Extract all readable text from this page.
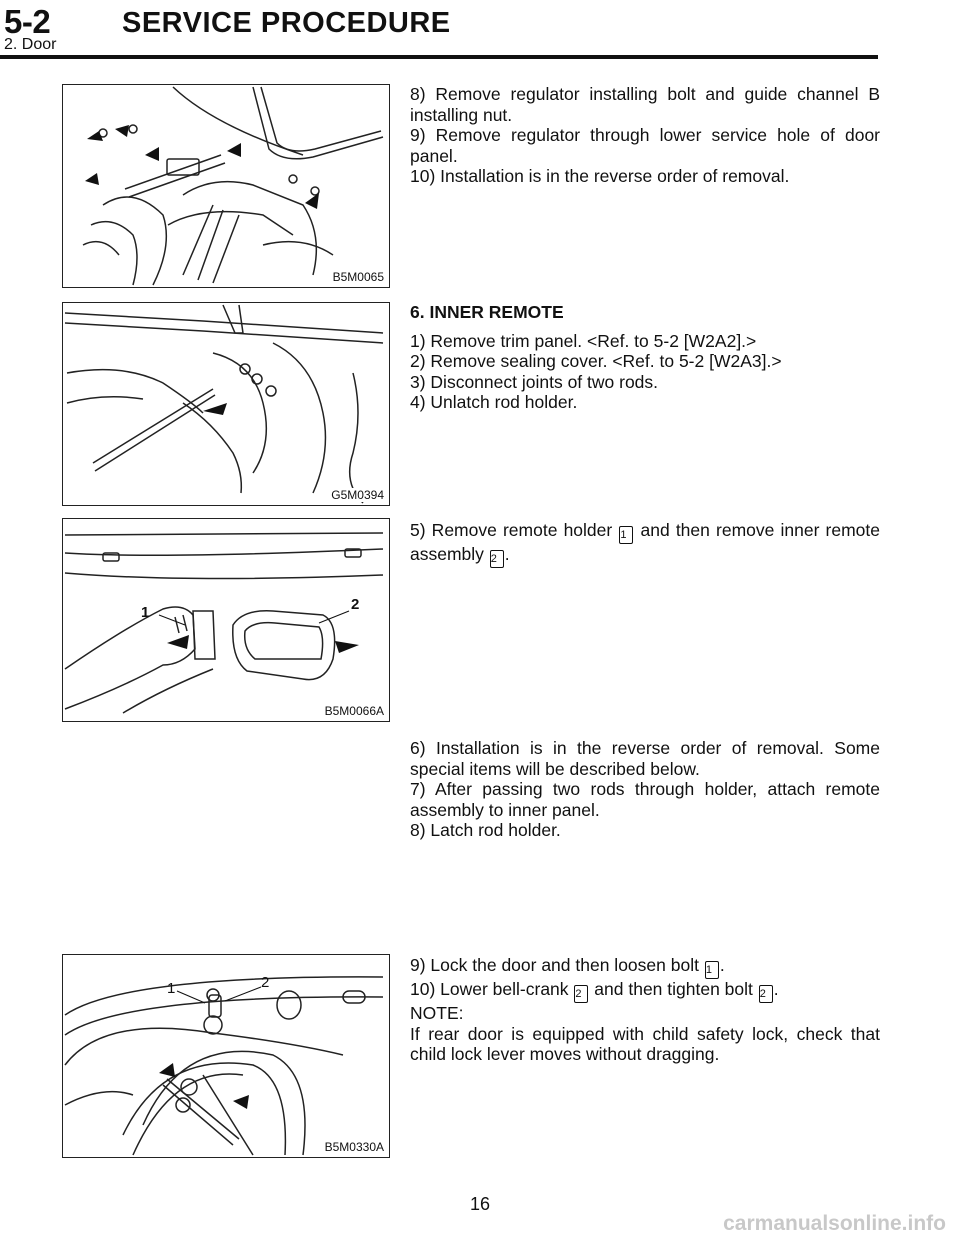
5-2 SERVICE PROCEDURE
2. Door
B5M0065
8) Remove regulator installing bolt and guide channel B installing nut.
9) Remove regulator through lower service hole of door panel.
10) Installation is in the reverse order of removal.
G5M0394
6. INNER REMOTE
1) Remove trim panel. <Ref. to 5-2 [W2A2].>
2) Remove sealing cover. <Ref. to 5-2 [W2A3].>
3) Disconnect joints of two rods.
4) Unlatch rod holder.
1	2
B5M0066A
5) Remove remote holder 1 and then remove inner remote assembly 2 .
6) Installation is in the reverse order of removal. Some special items will be described below.
7) After passing two rods through holder, attach remote assembly to inner panel.
8) Latch rod holder.
1	2
B5M0330A
9) Lock the door and then loosen bolt 1 .
10) Lower bell-crank 2 and then tighten bolt 2 .
NOTE:
If rear door is equipped with child safety lock, check that child lock lever moves without dragging.
16
carmanualsonline.info
